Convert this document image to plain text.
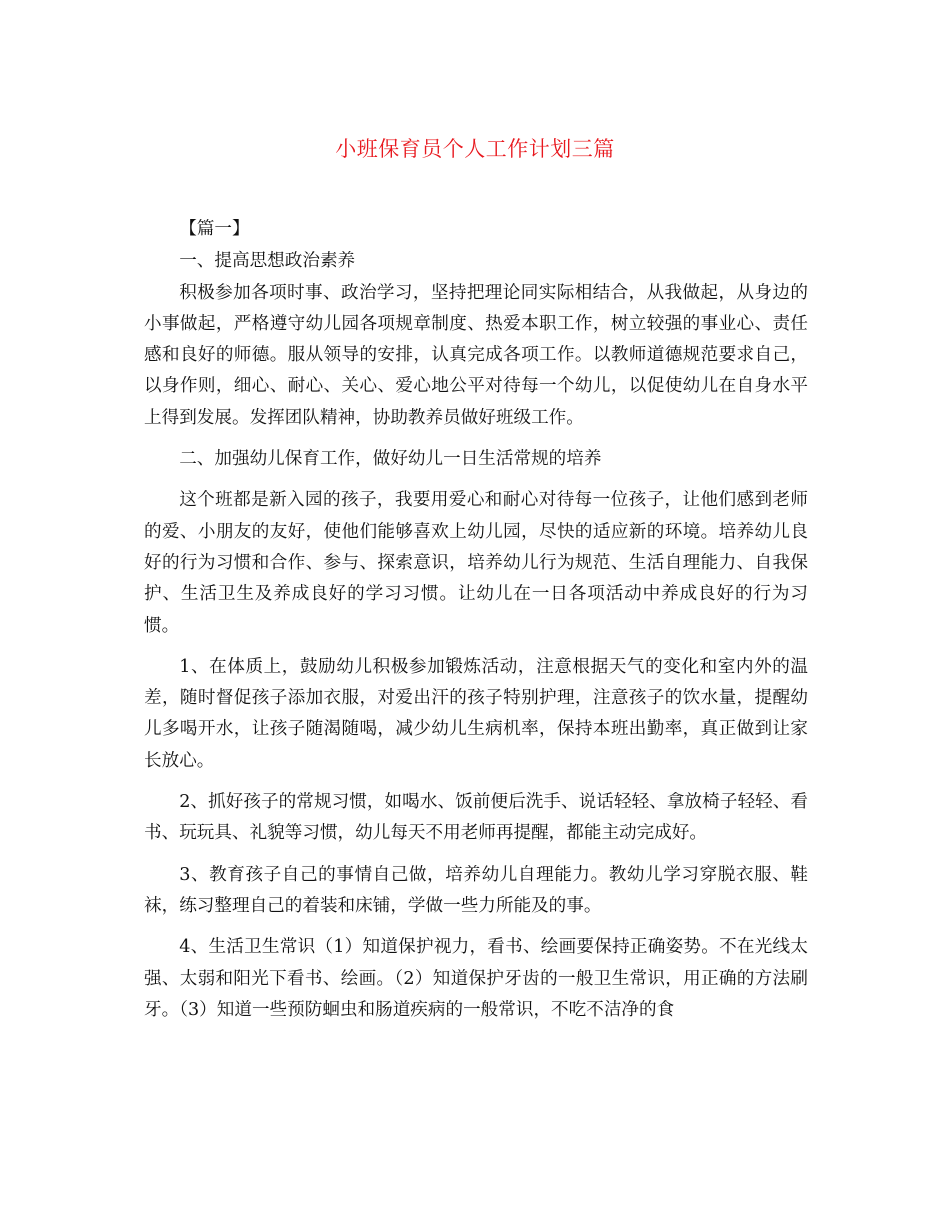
小班保育员个人工作计划三篇

【篇一】

一、提高思想政治素养

积极参加各项时事、政治学习，坚持把理论同实际相结合，从我做起，从身边的小事做起，严格遵守幼儿园各项规章制度、热爱本职工作，树立较强的事业心、责任感和良好的师德。服从领导的安排，认真完成各项工作。以教师道德规范要求自己，以身作则，细心、耐心、关心、爱心地公平对待每一个幼儿，以促使幼儿在自身水平上得到发展。发挥团队精神，协助教养员做好班级工作。

二、加强幼儿保育工作，做好幼儿一日生活常规的培养

这个班都是新入园的孩子，我要用爱心和耐心对待每一位孩子，让他们感到老师的爱、小朋友的友好，使他们能够喜欢上幼儿园，尽快的适应新的环境。培养幼儿良好的行为习惯和合作、参与、探索意识，培养幼儿行为规范、生活自理能力、自我保护、生活卫生及养成良好的学习习惯。让幼儿在一日各项活动中养成良好的行为习惯。

1、在体质上，鼓励幼儿积极参加锻炼活动，注意根据天气的变化和室内外的温差，随时督促孩子添加衣服，对爱出汗的孩子特别护理，注意孩子的饮水量，提醒幼儿多喝开水，让孩子随渴随喝，减少幼儿生病机率，保持本班出勤率，真正做到让家长放心。

2、抓好孩子的常规习惯，如喝水、饭前便后洗手、说话轻轻、拿放椅子轻轻、看书、玩玩具、礼貌等习惯，幼儿每天不用老师再提醒，都能主动完成好。

3、教育孩子自己的事情自己做，培养幼儿自理能力。教幼儿学习穿脱衣服、鞋袜，练习整理自己的着装和床铺，学做一些力所能及的事。

4、生活卫生常识（1）知道保护视力，看书、绘画要保持正确姿势。不在光线太强、太弱和阳光下看书、绘画。（2）知道保护牙齿的一般卫生常识，用正确的方法刷牙。（3）知道一些预防蛔虫和肠道疾病的一般常识，不吃不洁净的食
